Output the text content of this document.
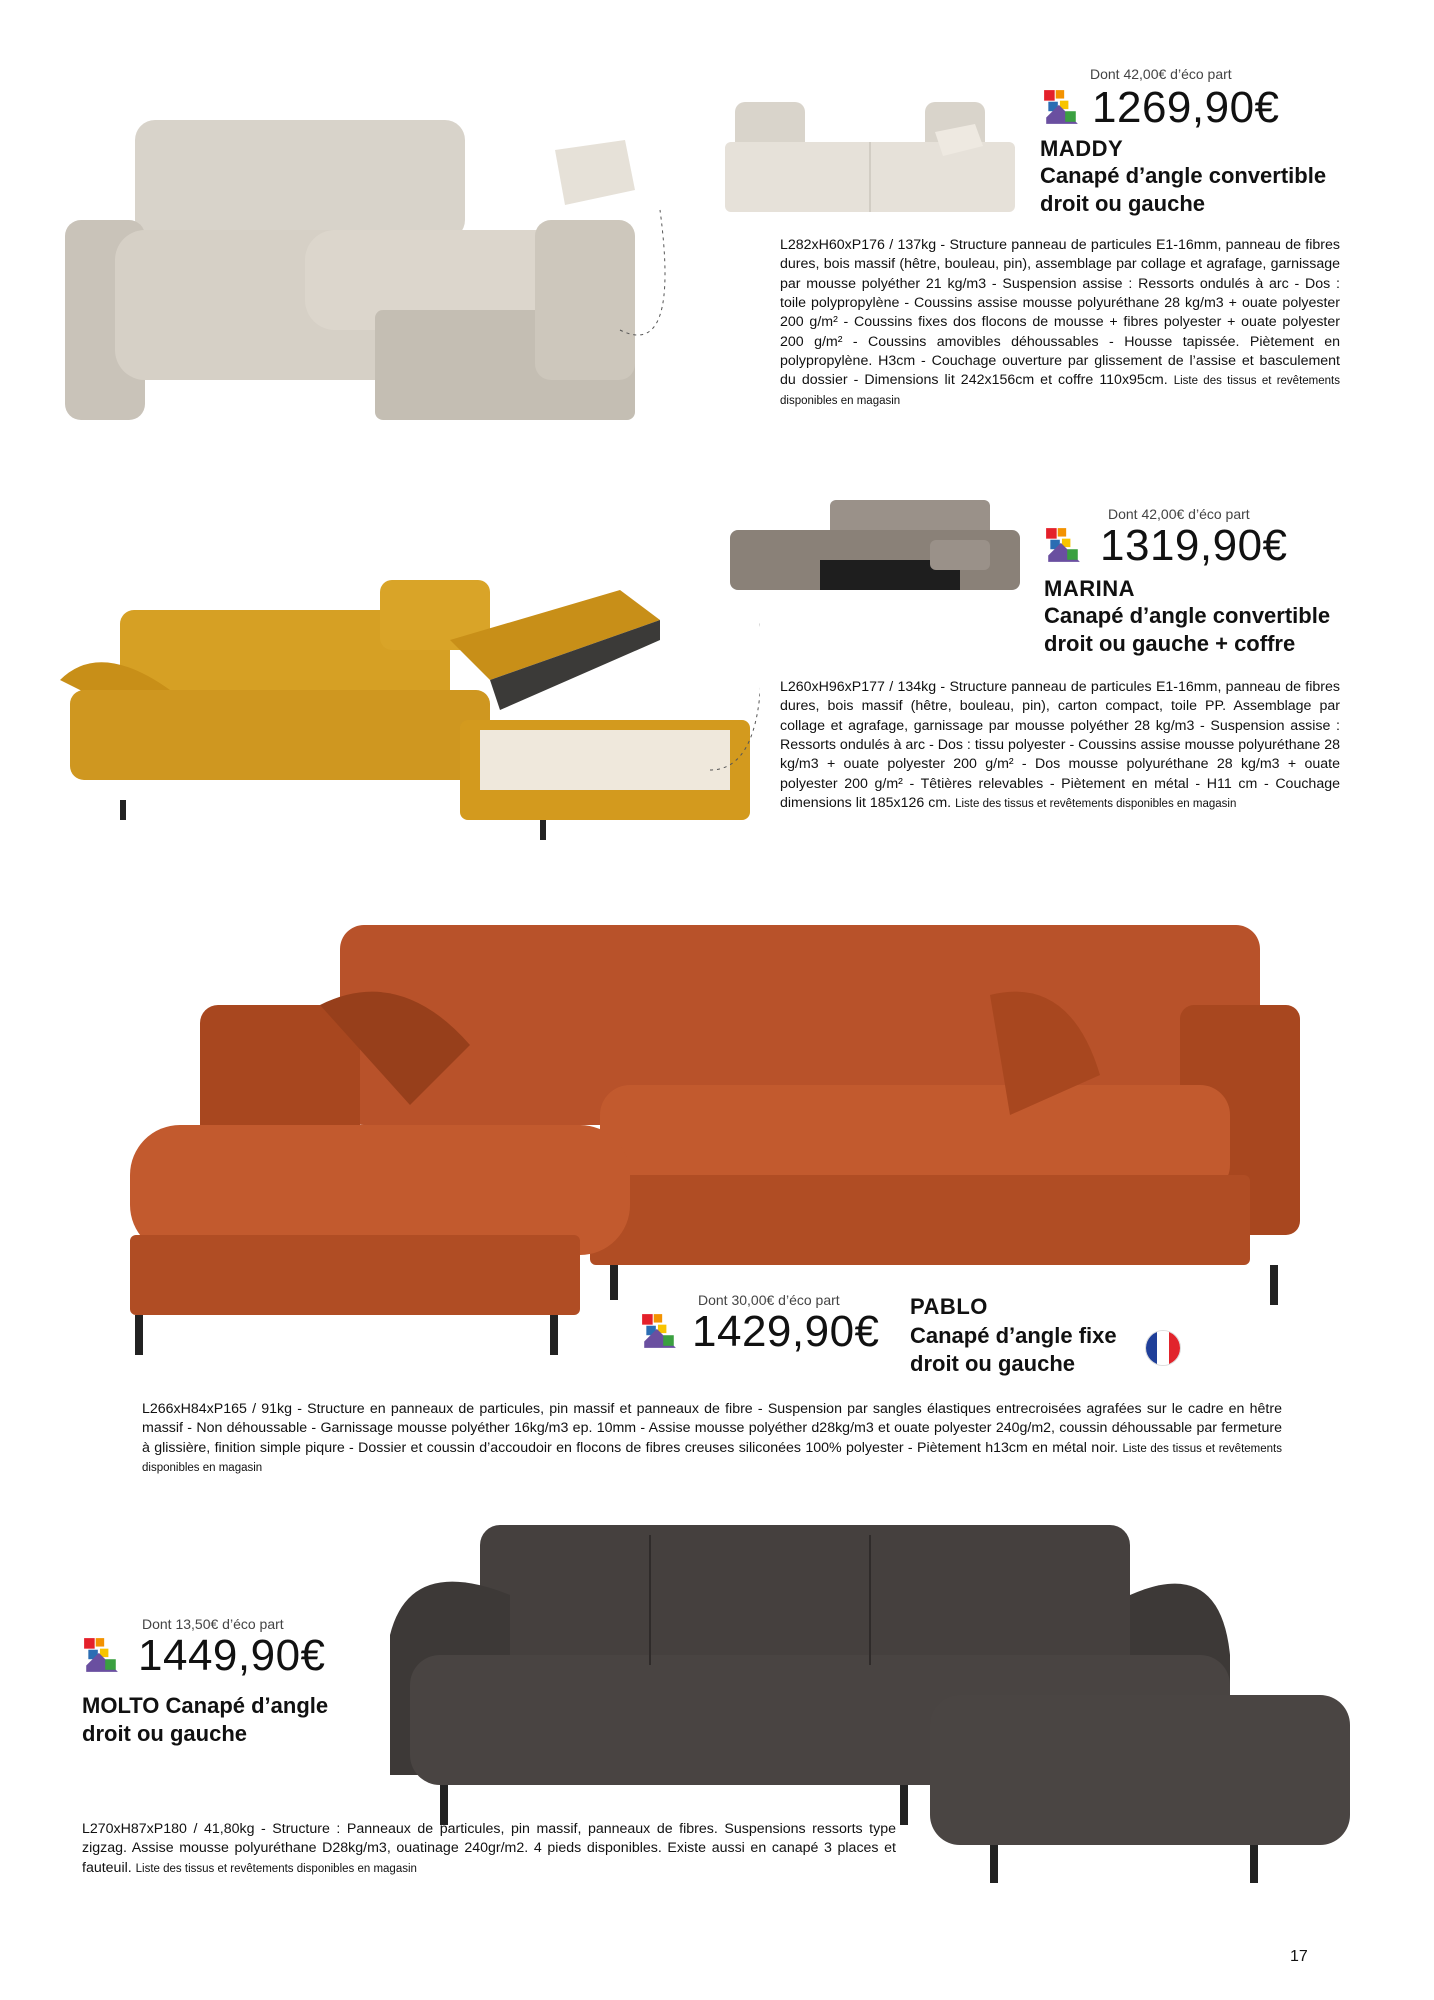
Dont 42,00€ d’éco part
1269,90€
MADDY
Canapé d’angle convertible
droit ou gauche
L282xH60xP176 / 137kg - Structure panneau de particules E1-16mm, panneau de fibres dures, bois massif (hêtre, bouleau, pin), assemblage par collage et agrafage, garnissage par mousse polyéther 21 kg/m3 - Suspension assise : Ressorts ondulés à arc - Dos : toile polypropylène - Coussins assise mousse polyuréthane 28 kg/m3 + ouate polyester 200 g/m² - Coussins fixes dos flocons de mousse + fibres polyester + ouate polyester 200 g/m² - Coussins amovibles déhoussables - Housse tapissée. Piètement en polypropylène. H3cm - Couchage ouverture par glissement de l’assise et basculement du dossier - Dimensions lit 242x156cm et coffre 110x95cm. Liste des tissus et revêtements disponibles en magasin
Dont 42,00€ d’éco part
1319,90€
MARINA
Canapé d’angle convertible
droit ou gauche + coffre
L260xH96xP177 / 134kg - Structure panneau de particules E1-16mm, panneau de fibres dures, bois massif (hêtre, bouleau, pin), carton compact, toile PP. Assemblage par collage et agrafage, garnissage par mousse polyéther 28 kg/m3 - Suspension assise : Ressorts ondulés à arc - Dos : tissu polyester - Coussins assise mousse polyuréthane 28 kg/m3 + ouate polyester 200 g/m² - Dos mousse polyuréthane 28 kg/m3 + ouate polyester 200 g/m² - Têtières relevables - Piètement en métal - H11 cm - Couchage dimensions lit 185x126 cm. Liste des tissus et revêtements disponibles en magasin
Dont 30,00€ d’éco part
1429,90€
PABLO
Canapé d’angle fixe
droit ou gauche
L266xH84xP165 / 91kg - Structure en panneaux de particules, pin massif et panneaux de fibre - Suspension par sangles élastiques entrecroisées agrafées sur le cadre en hêtre massif - Non déhoussable - Garnissage mousse polyéther 16kg/m3 ep. 10mm - Assise mousse polyéther d28kg/m3 et ouate polyester 240g/m2, coussin déhoussable par fermeture à glissière, finition simple piqure - Dossier et coussin d’accoudoir en flocons de fibres creuses siliconées 100% polyester - Piètement h13cm en métal noir. Liste des tissus et revêtements disponibles en magasin
Dont 13,50€ d’éco part
1449,90€
MOLTO Canapé d’angle
droit ou gauche
L270xH87xP180 / 41,80kg - Structure : Panneaux de particules, pin massif, panneaux de fibres. Suspensions ressorts type zigzag. Assise mousse polyuréthane D28kg/m3, ouatinage 240gr/m2. 4 pieds disponibles. Existe aussi en canapé 3 places et fauteuil. Liste des tissus et revêtements disponibles en magasin
17
